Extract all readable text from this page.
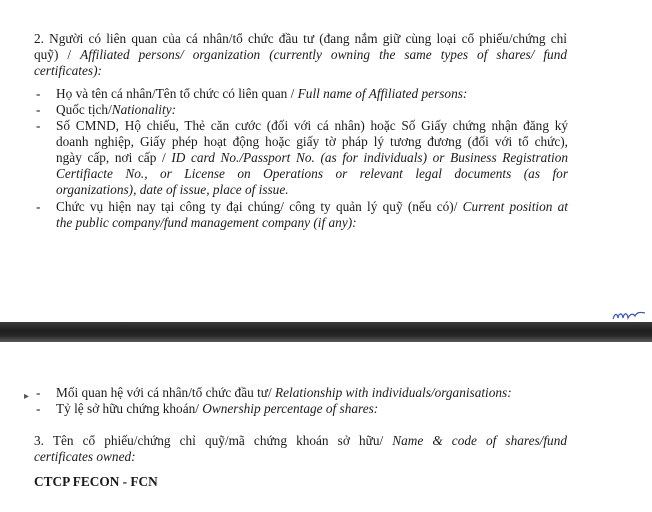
2. Người có liên quan của cá nhân/tổ chức đầu tư (đang nắm giữ cùng loại cổ phiếu/chứng chỉ
quỹ) / Affiliated persons/ organization (currently owning the same types of shares/ fund
certificates):
- Họ và tên cá nhân/Tên tổ chức có liên quan / Full name of Affiliated persons:
- Quốc tịch/Nationality:
- Số CMND, Hộ chiếu, Thẻ căn cước (đối với cá nhân) hoặc Số Giấy chứng nhận đăng ký
doanh nghiệp, Giấy phép hoạt động hoặc giấy tờ pháp lý tương đương (đối với tổ chức),
ngày cấp, nơi cấp / ID card No./Passport No. (as for individuals) or Business Registration
Certifiacte No., or License on Operations or relevant legal documents (as for
organizations), date of issue, place of issue.
- Chức vụ hiện nay tại công ty đại chúng/ công ty quản lý quỹ (nếu có)/ Current position at
the public company/fund management company (if any):
▸ - Mối quan hệ với cá nhân/tổ chức đầu tư/ Relationship with individuals/organisations:
- Tỷ lệ sở hữu chứng khoán/ Ownership percentage of shares:
3. Tên cổ phiếu/chứng chỉ quỹ/mã chứng khoán sở hữu/ Name & code of shares/fund
certificates owned:
CTCP FECON - FCN
